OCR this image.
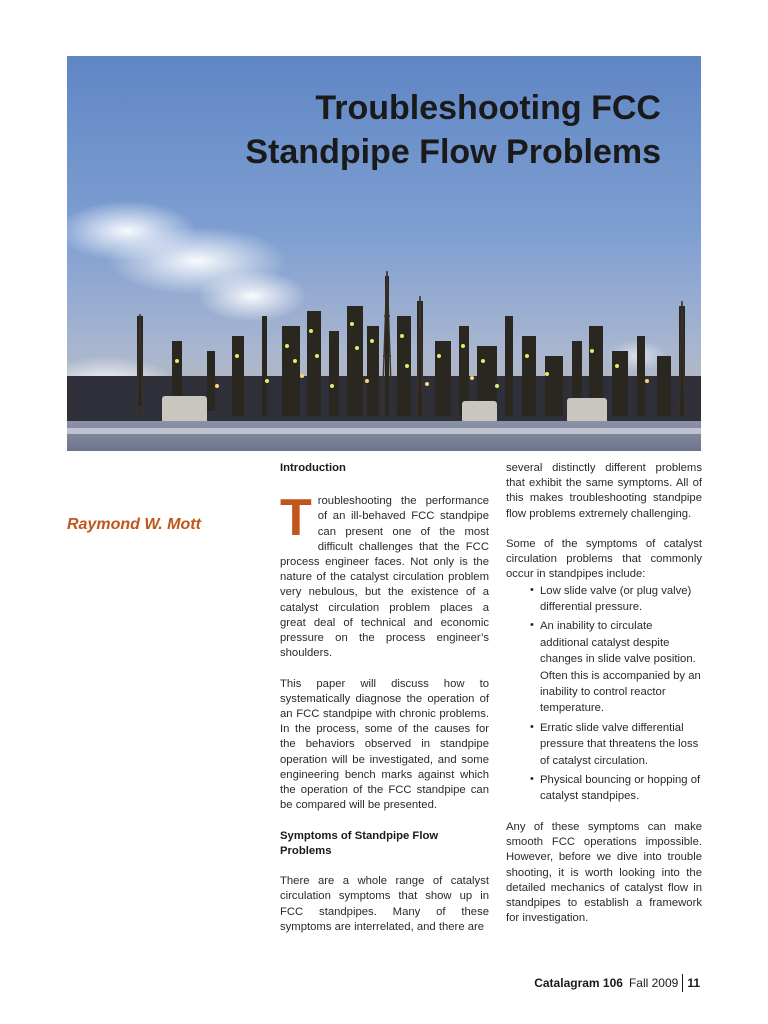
Troubleshooting FCC Standpipe Flow Problems

Raymond W. Mott

Introduction

Troubleshooting the performance of an ill-behaved FCC standpipe can present one of the most difficult challenges that the FCC process engineer faces. Not only is the nature of the catalyst circulation problem very nebulous, but the existence of a catalyst circulation problem places a great deal of technical and economic pressure on the process engineer’s shoulders.

This paper will discuss how to systematically diagnose the operation of an FCC standpipe with chronic problems. In the process, some of the causes for the behaviors observed in standpipe operation will be investigated, and some engineering bench marks against which the operation of the FCC standpipe can be compared will be presented.

Symptoms of Standpipe Flow Problems

There are a whole range of catalyst circulation symptoms that show up in FCC standpipes. Many of these symptoms are interrelated, and there are

several distinctly different problems that exhibit the same symptoms. All of this makes troubleshooting standpipe flow problems extremely challenging.

Some of the symptoms of catalyst circulation problems that commonly occur in standpipes include:

• Low slide valve (or plug valve) differential pressure.
• An inability to circulate additional catalyst despite changes in slide valve position. Often this is accompanied by an inability to control reactor temperature.
• Erratic slide valve differential pressure that threatens the loss of catalyst circulation.
• Physical bouncing or hopping of catalyst standpipes.

Any of these symptoms can make smooth FCC operations impossible. However, before we dive into trouble shooting, it is worth looking into the detailed mechanics of catalyst flow in standpipes to establish a framework for investigation.

Catalagram 106 Fall 2009 11
